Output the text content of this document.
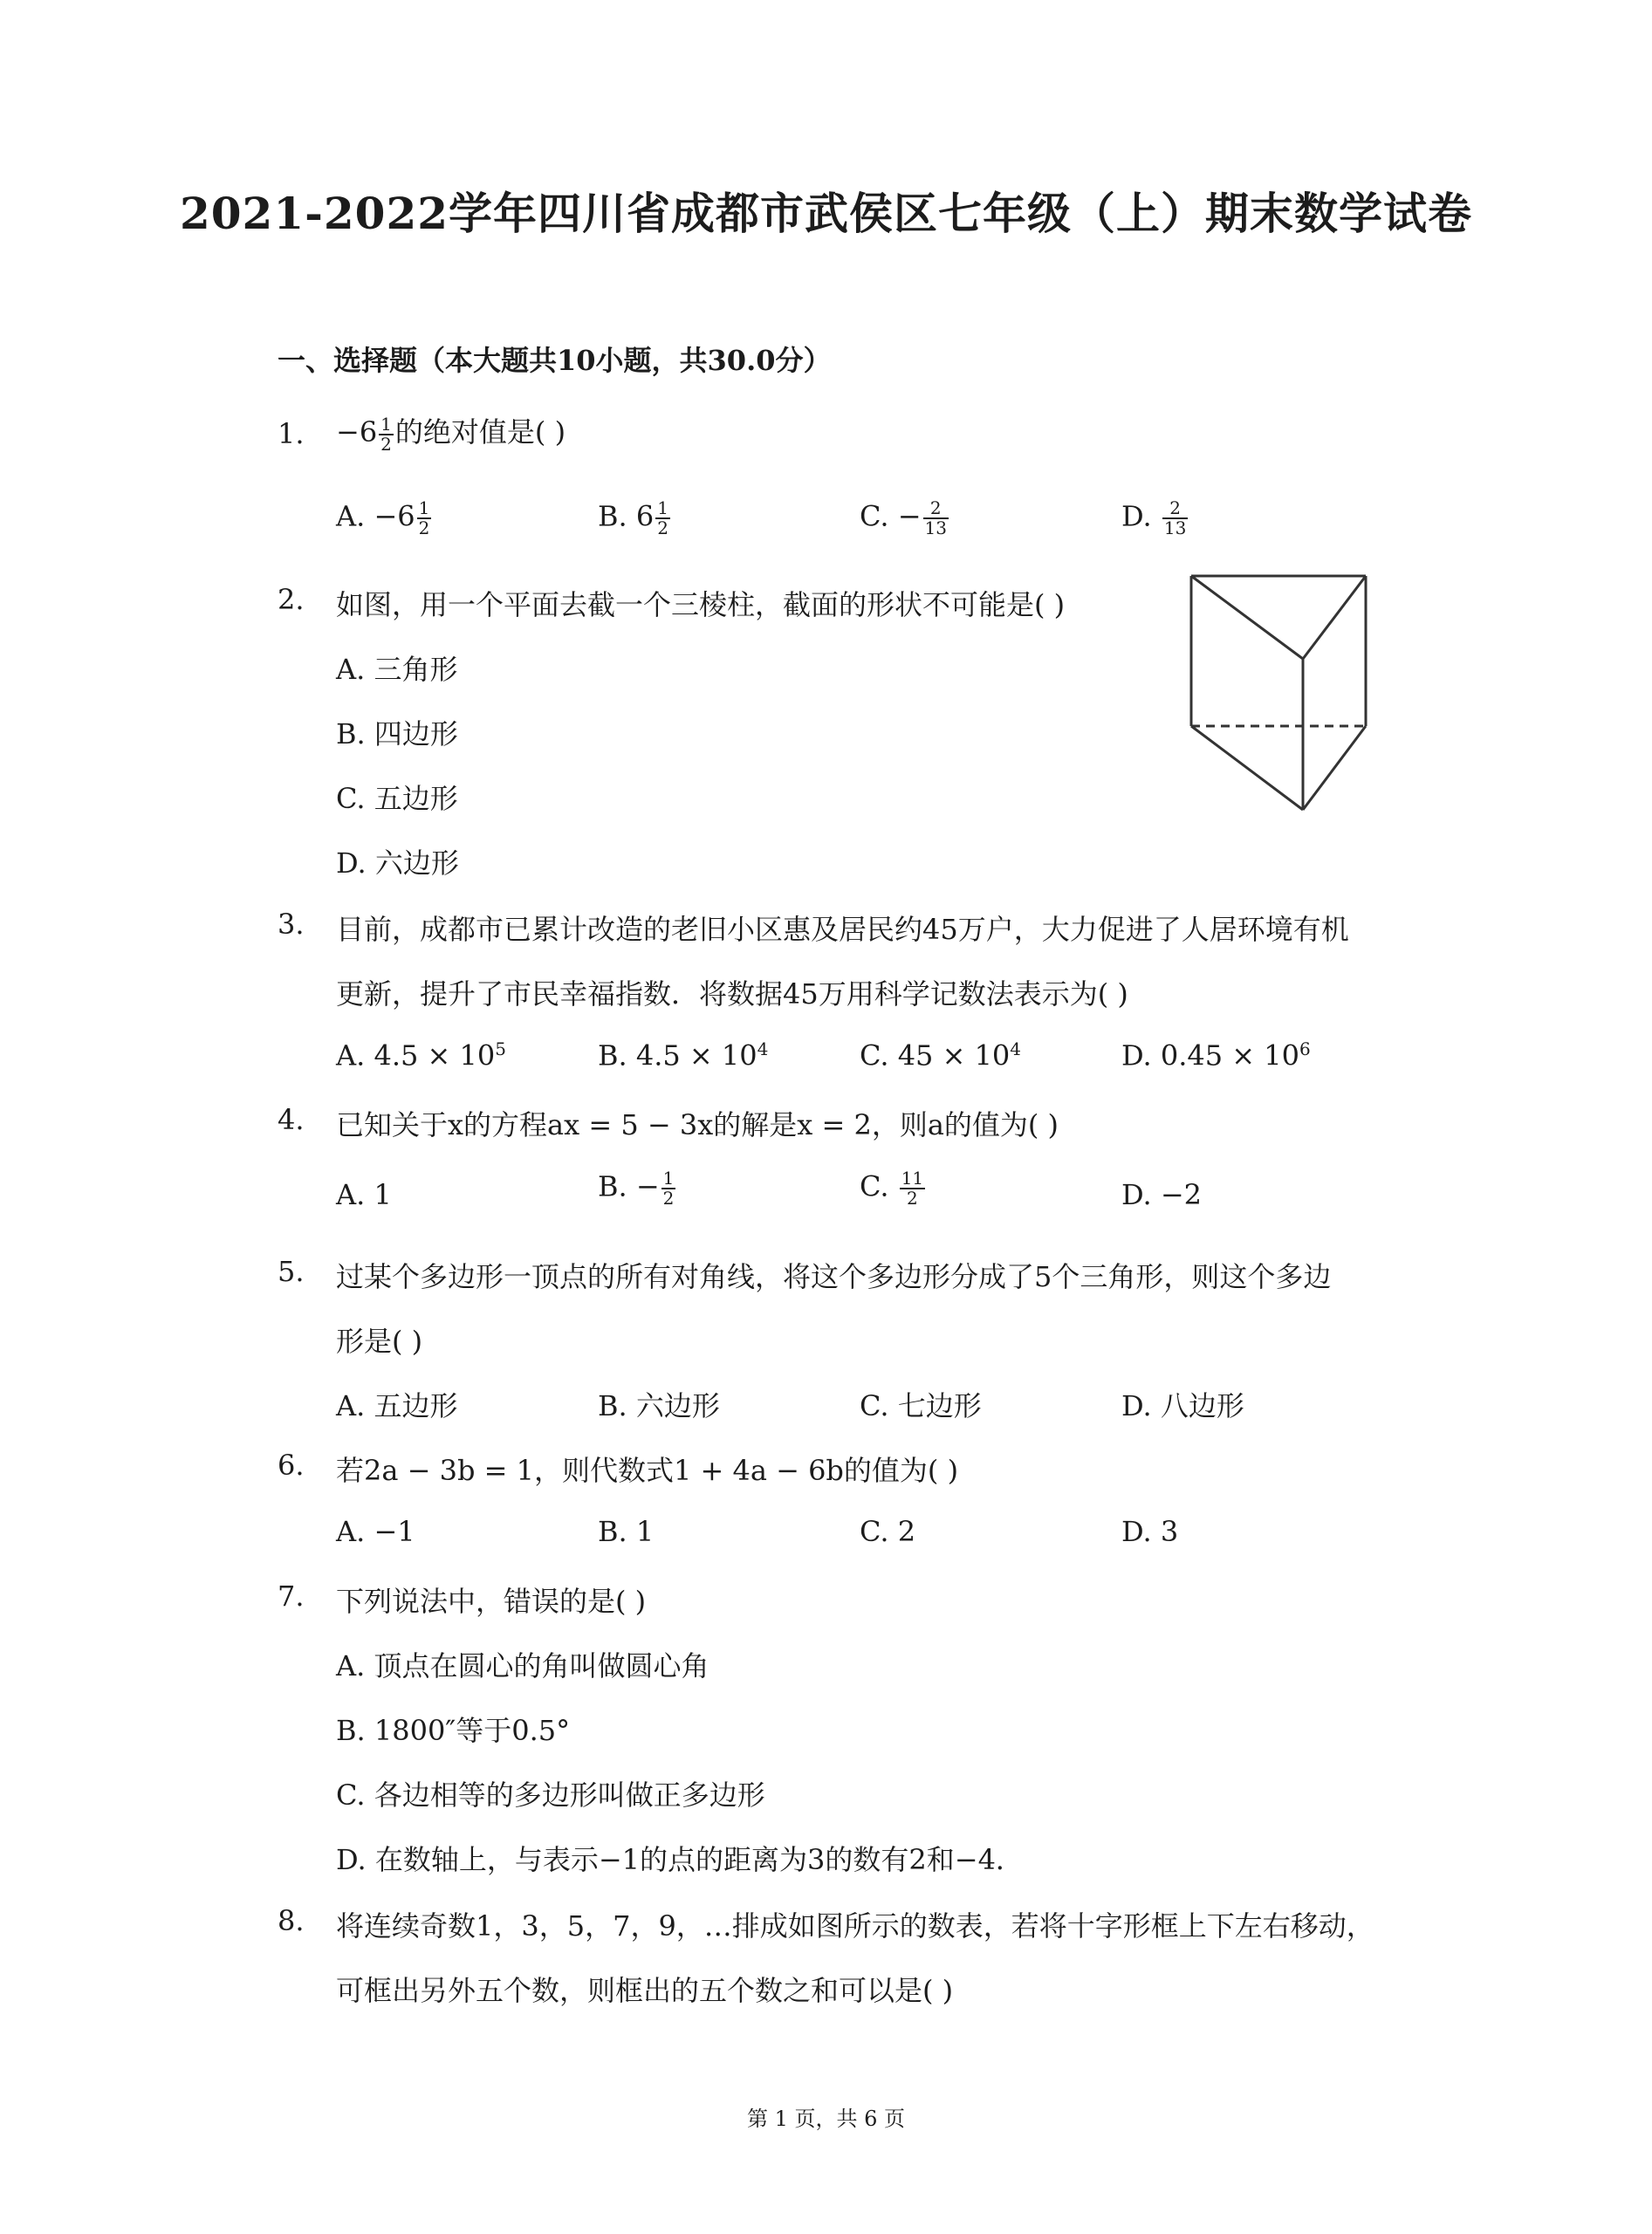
2021-2022学年四川省成都市武侯区七年级（上）期末数学试卷
一、选择题（本大题共10小题，共30.0分）
1. $-6 \frac{1}{2}$ 的绝对值是( )
A. $-6 \frac{1}{2}$	B. $6 \frac{1}{2}$	C. − $\frac{2}{13}$	D. $\frac{2}{13}$
2. 如图，用一个平面去截一个三棱柱，截面的形状不可能是( )
A. 三角形
B. 四边形
C. 五边形
D. 六边形
3. 目前，成都市已累计改造的老旧小区惠及居民约45万户，大力促进了人居环境有机
更新，提升了市民幸福指数．将数据45万用科学记数法表示为( )
A. $4.5 \times 10^5$	B. $4.5 \times 10^4$	C. $45 \times 10^4$	D. $0.45 \times 10^6$
4. 已知关于x的方程ax = 5 − 3x的解是x = 2，则a的值为( )
A. 1	B. − $\frac{1}{2}$	C. $\frac{11}{2}$	D. −2
5. 过某个多边形一顶点的所有对角线，将这个多边形分成了5个三角形，则这个多边
形是( )
A. 五边形	B. 六边形	C. 七边形	D. 八边形
6. 若2a − 3b = 1，则代数式1 + 4a − 6b的值为( )
A. −1	B. 1	C. 2	D. 3
7. 下列说法中，错误的是( )
A. 顶点在圆心的角叫做圆心角
B. 1800″等于0.5°
C. 各边相等的多边形叫做正多边形
D. 在数轴上，与表示−1的点的距离为3的数有2和−4．
8. 将连续奇数1，3，5，7，9，…排成如图所示的数表，若将十字形框上下左右移动，
可框出另外五个数，则框出的五个数之和可以是( )
第 1 页，共 6 页
